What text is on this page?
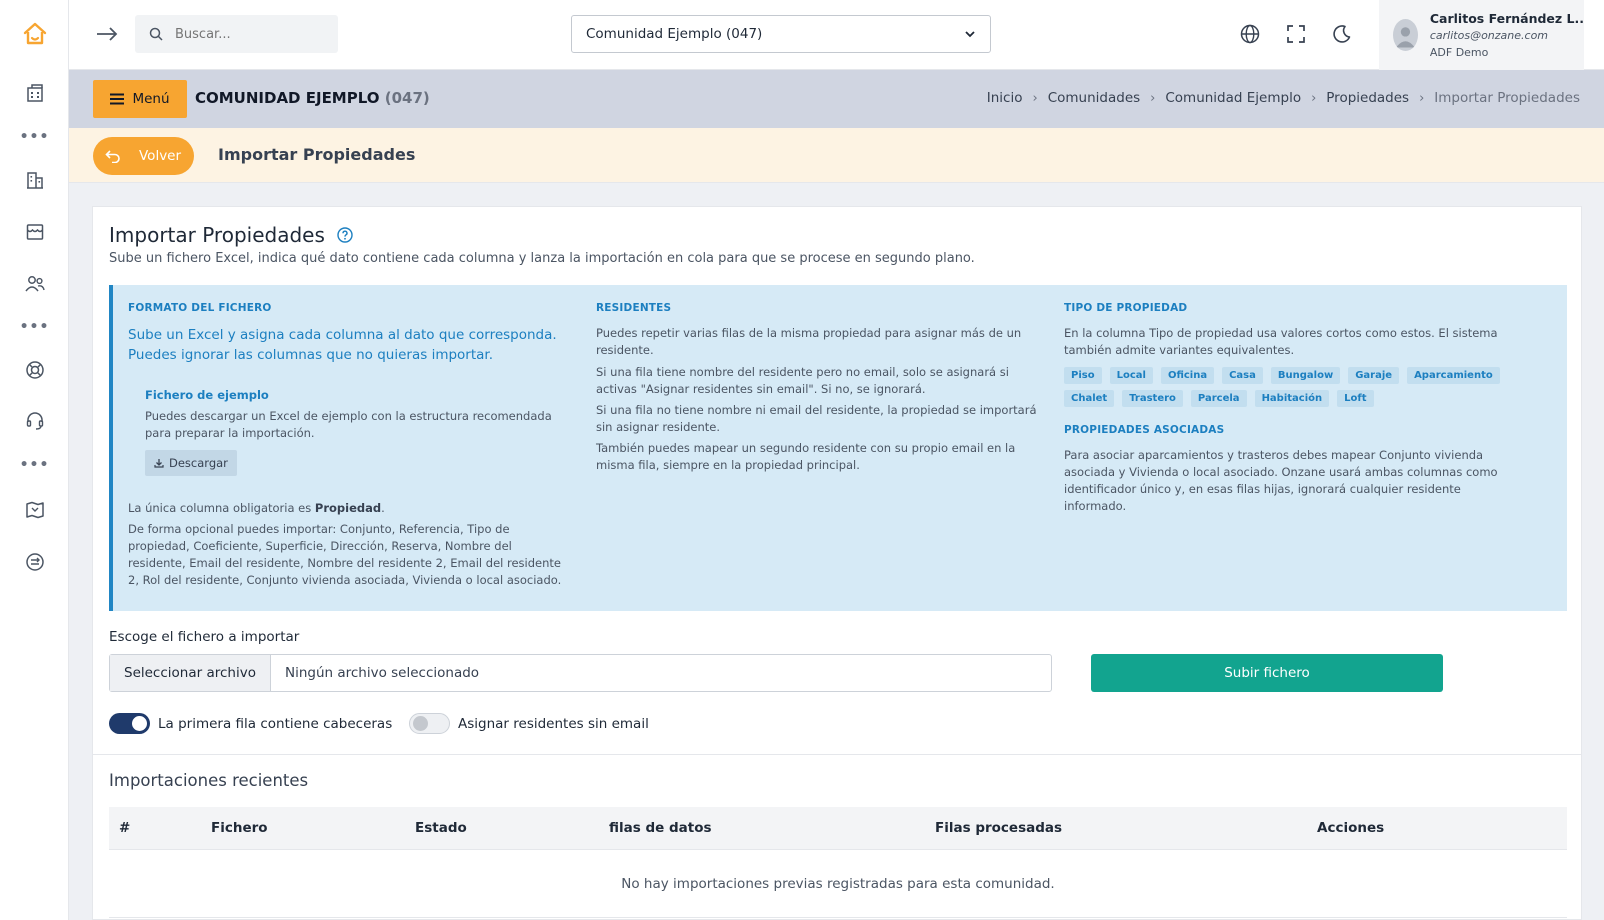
•••
•••
•••
Buscar...
Comunidad Ejemplo (047)
Carlitos Fernández L..
carlitos@onzane.com
ADF Demo
Menú COMUNIDAD EJEMPLO (047)	Inicio › Comunidades › Comunidad Ejemplo › Propiedades › Importar Propiedades
Volver Importar Propiedades
Importar Propiedades
Sube un fichero Excel, indica qué dato contiene cada columna y lanza la importación en cola para que se procese en segundo plano.
FORMATO DEL FICHERO
Sube un Excel y asigna cada columna al dato que corresponda. Puedes ignorar las columnas que no quieras importar.
Fichero de ejemplo
Puedes descargar un Excel de ejemplo con la estructura recomendada para preparar la importación.
Descargar
La única columna obligatoria es Propiedad.
De forma opcional puedes importar: Conjunto, Referencia, Tipo de propiedad, Coeficiente, Superficie, Dirección, Reserva, Nombre del residente, Email del residente, Nombre del residente 2, Email del residente 2, Rol del residente, Conjunto vivienda asociada, Vivienda o local asociado.
RESIDENTES
Puedes repetir varias filas de la misma propiedad para asignar más de un residente.
Si una fila tiene nombre del residente pero no email, solo se asignará si activas "Asignar residentes sin email". Si no, se ignorará.
Si una fila no tiene nombre ni email del residente, la propiedad se importará sin asignar residente.
También puedes mapear un segundo residente con su propio email en la misma fila, siempre en la propiedad principal.
TIPO DE PROPIEDAD
En la columna Tipo de propiedad usa valores cortos como estos. El sistema también admite variantes equivalentes.
Piso	Local	Oficina	Casa	Bungalow	Garaje	Aparcamiento
Chalet	Trastero	Parcela	Habitación	Loft
PROPIEDADES ASOCIADAS
Para asociar aparcamientos y trasteros debes mapear Conjunto vivienda asociada y Vivienda o local asociado. Onzane usará ambas columnas como identificador único y, en esas filas hijas, ignorará cualquier residente informado.
Escoge el fichero a importar
Seleccionar archivo	Ningún archivo seleccionado	Subir fichero
La primera fila contiene cabeceras	Asignar residentes sin email
Importaciones recientes
#	Fichero	Estado	filas de datos	Filas procesadas	Acciones
No hay importaciones previas registradas para esta comunidad.
